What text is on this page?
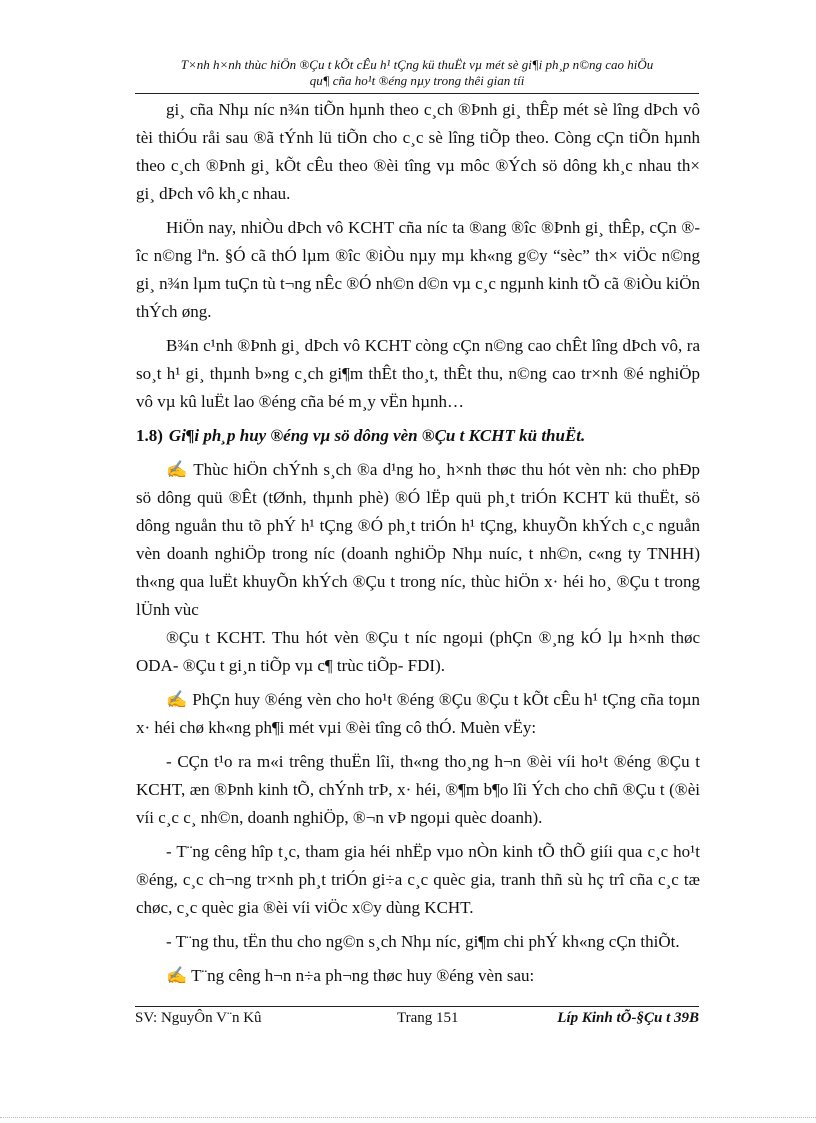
T×nh h×nh thùc hiÖn ®Çu t kÕt cÊu h¹ tÇng kü thuËt vµ mét sè gi¶i ph¸p n©ng cao hiÖu
qu¶ cña ho¹t ®éng nµy trong thêi gian tíi

gi¸ cña Nhµ níc n¾n tiÕn hµnh theo c¸ch ®Þnh gi¸ thÊp mét sè lîng dÞch vô tèi thiÓu råi sau ®ã tÝnh lü tiÕn cho c¸c sè lîng tiÕp theo. Còng cÇn tiÕn hµnh theo c¸ch ®Þnh gi¸ kÕt cÊu theo ®èi tîng vµ môc ®Ých sö dông kh¸c nhau th× gi¸ dÞch vô kh¸c nhau.

HiÖn nay, nhiÒu dÞch vô KCHT cña níc ta ®ang ®îc ®Þnh gi¸ thÊp, cÇn ®îc n©ng lªn. §Ó cã thÓ lµm ®îc ®iÒu nµy mµ kh«ng g©y “sèc” th× viÖc n©ng gi¸ n¾n lµm tuÇn tù t¬ng nÊc ®Ó nh©n d©n vµ c¸c ngµnh kinh tÕ cã ®iÒu kiÖn thÝch øng.

B¾n c¹nh ®Þnh gi¸ dÞch vô KCHT còng cÇn n©ng cao chÊt lîng dÞch vô, ra so¸t h¹ gi¸ thµnh b»ng c¸ch gi¶m thÊt tho¸t, thÊt thu, n©ng cao tr×nh ®é nghiÖp vô vµ kû luËt lao ®éng cña bé m¸y vËn hµnh…

1.8) Gi¶i ph¸p huy ®éng vµ sö dông vèn ®Çu t KCHT kü thuËt.

✍ Thùc hiÖn chÝnh s¸ch ®a d¹ng ho¸ h×nh thøc thu hót vèn nh: cho phÐp sö dông quü ®Êt (tØnh, thµnh phè) ®Ó lËp quü ph¸t triÓn KCHT kü thuËt, sö dông nguån thu tõ phÝ h¹ tÇng ®Ó ph¸t triÓn h¹ tÇng, khuyÕn khÝch c¸c nguån vèn doanh nghiÖp trong níc (doanh nghiÖp Nhµ nuíc, t nh©n, c«ng ty TNHH) th«ng qua luËt khuyÕn khÝch ®Çu t trong níc, thùc hiÖn x· héi ho¸ ®Çu t trong lÜnh vùc

®Çu t KCHT. Thu hót vèn ®Çu t níc ngoµi (phÇn ®¸ng kÓ lµ h×nh thøc ODA- ®Çu t gi¸n tiÕp vµ c¶ trùc tiÕp- FDI).

✍ PhÇn huy ®éng vèn cho ho¹t ®éng ®Çu ®Çu t kÕt cÊu h¹ tÇng cña toµn x· héi chø kh«ng ph¶i mét vµi ®èi tîng cô thÓ. Muèn vËy:

- CÇn t¹o ra m«i trêng thuËn lîi, th«ng tho¸ng h¬n ®èi víi ho¹t ®éng ®Çu t KCHT, æn ®Þnh kinh tÕ, chÝnh trÞ, x· héi, ®¶m b¶o lîi Ých cho chñ ®Çu t (®èi víi c¸c c¸ nh©n, doanh nghiÖp, ®¬n vÞ ngoµi quèc doanh).

- T¨ng cêng hîp t¸c, tham gia héi nhËp vµo nÒn kinh tÕ thÕ giíi qua c¸c ho¹t ®éng, c¸c ch¬ng tr×nh ph¸t triÓn gi÷a c¸c quèc gia, tranh thñ sù hç trî cña c¸c tæ chøc, c¸c quèc gia ®èi víi viÖc x©y dùng KCHT.

- T¨ng thu, tËn thu cho ng©n s¸ch Nhµ níc, gi¶m chi phÝ kh«ng cÇn thiÕt.

✍ T¨ng cêng h¬n n÷a ph¬ng thøc huy ®éng vèn sau:

SV: NguyÔn V¨n Kû	Trang 151	Líp Kinh tÕ-§Çu t 39B
